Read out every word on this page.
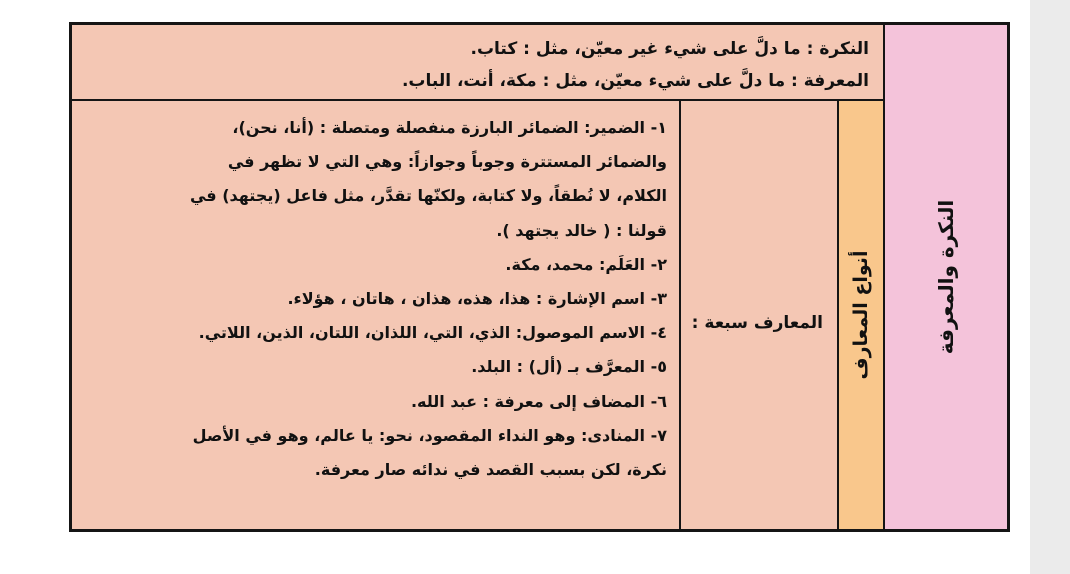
النكرة والمعرفة
النكرة : ما دلَّ على شيء غير معيّن، مثل : كتاب.
المعرفة : ما دلَّ على شيء معيّن، مثل : مكة، أنت، الباب.
أنواع المعارف
المعارف سبعة :
١- الضمير: الضمائر البارزة منفصلة ومتصلة : (أنا، نحن)،
والضمائر المستترة وجوباً وجوازاً: وهي التي لا تظهر في
الكلام، لا نُطقاً، ولا كتابة، ولكنّها تقدَّر، مثل فاعل (يجتهد) في
قولنا : ( خالد يجتهد ).
٢- العَلَم: محمد، مكة.
٣- اسم الإشارة : هذا، هذه، هذان ، هاتان ، هؤلاء.
٤- الاسم الموصول: الذي، التي، اللذان، اللتان، الذين، اللاتي.
٥- المعرَّف بـ (أل) : البلد.
٦- المضاف إلى معرفة : عبد الله.
٧- المنادى: وهو النداء المقصود، نحو: يا عالم، وهو في الأصل
نكرة، لكن بسبب القصد في ندائه صار معرفة.
